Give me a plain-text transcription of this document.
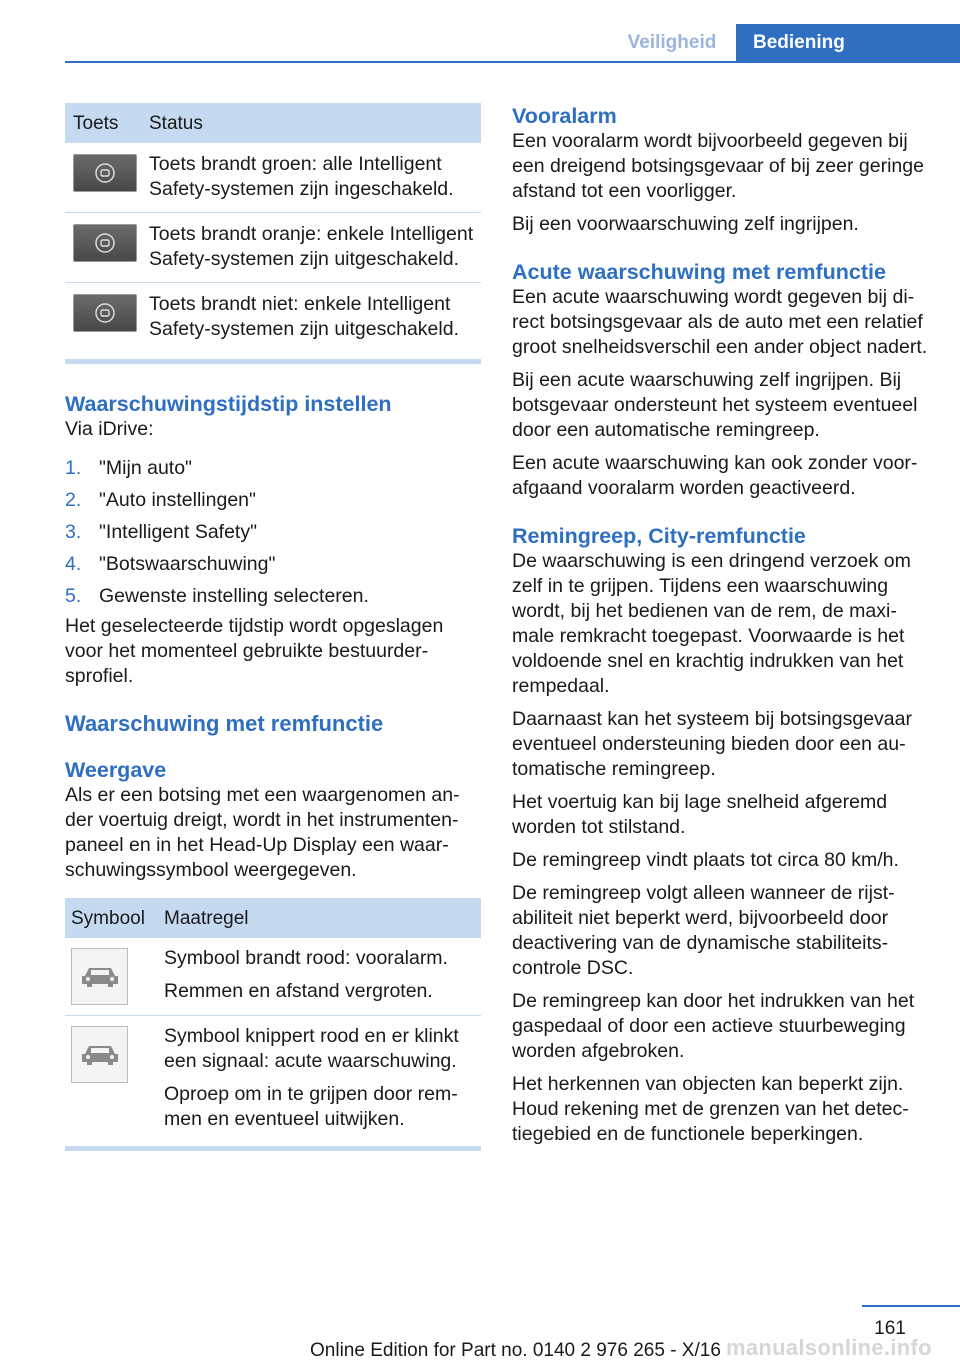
Veiligheid	Bediening
Toets	Status
Toets brandt groen: alle Intelligent Safety-systemen zijn ingeschakeld.
Toets brandt oranje: enkele Intelligent Safety-systemen zijn uitgeschakeld.
Toets brandt niet: enkele Intelligent Safety-systemen zijn uitgeschakeld.
Waarschuwingstijdstip instellen
Via iDrive:
1. "Mijn auto"
2. "Auto instellingen"
3. "Intelligent Safety"
4. "Botswaarschuwing"
5. Gewenste instelling selecteren.
Het geselecteerde tijdstip wordt opgeslagen voor het momenteel gebruikte bestuurdersprofiel.
Waarschuwing met remfunctie
Weergave
Als er een botsing met een waargenomen ander voertuig dreigt, wordt in het instrumentenpaneel en in het Head-Up Display een waarschuwingssymbool weergegeven.
Symbool	Maatregel
Symbool brandt rood: vooralarm.
Remmen en afstand vergroten.
Symbool knippert rood en er klinkt een signaal: acute waarschuwing.
Oproep om in te grijpen door remmen en eventueel uitwijken.
Vooralarm
Een vooralarm wordt bijvoorbeeld gegeven bij een dreigend botsingsgevaar of bij zeer geringe afstand tot een voorligger.
Bij een voorwaarschuwing zelf ingrijpen.
Acute waarschuwing met remfunctie
Een acute waarschuwing wordt gegeven bij direct botsingsgevaar als de auto met een relatief groot snelheidsverschil een ander object nadert.
Bij een acute waarschuwing zelf ingrijpen. Bij botsgevaar ondersteunt het systeem eventueel door een automatische remingreep.
Een acute waarschuwing kan ook zonder voorafgaand vooralarm worden geactiveerd.
Remingreep, City-remfunctie
De waarschuwing is een dringend verzoek om zelf in te grijpen. Tijdens een waarschuwing wordt, bij het bedienen van de rem, de maximale remkracht toegepast. Voorwaarde is het voldoende snel en krachtig indrukken van het rempedaal.
Daarnaast kan het systeem bij botsingsgevaar eventueel ondersteuning bieden door een automatische remingreep.
Het voertuig kan bij lage snelheid afgeremd worden tot stilstand.
De remingreep vindt plaats tot circa 80 km/h.
De remingreep volgt alleen wanneer de rijstabiliteit niet beperkt werd, bijvoorbeeld door deactivering van de dynamische stabiliteitscontrole DSC.
De remingreep kan door het indrukken van het gaspedaal of door een actieve stuurbeweging worden afgebroken.
Het herkennen van objecten kan beperkt zijn. Houd rekening met de grenzen van het detectiegebied en de functionele beperkingen.
161
Online Edition for Part no. 0140 2 976 265 - X/16 manualsonline.info
